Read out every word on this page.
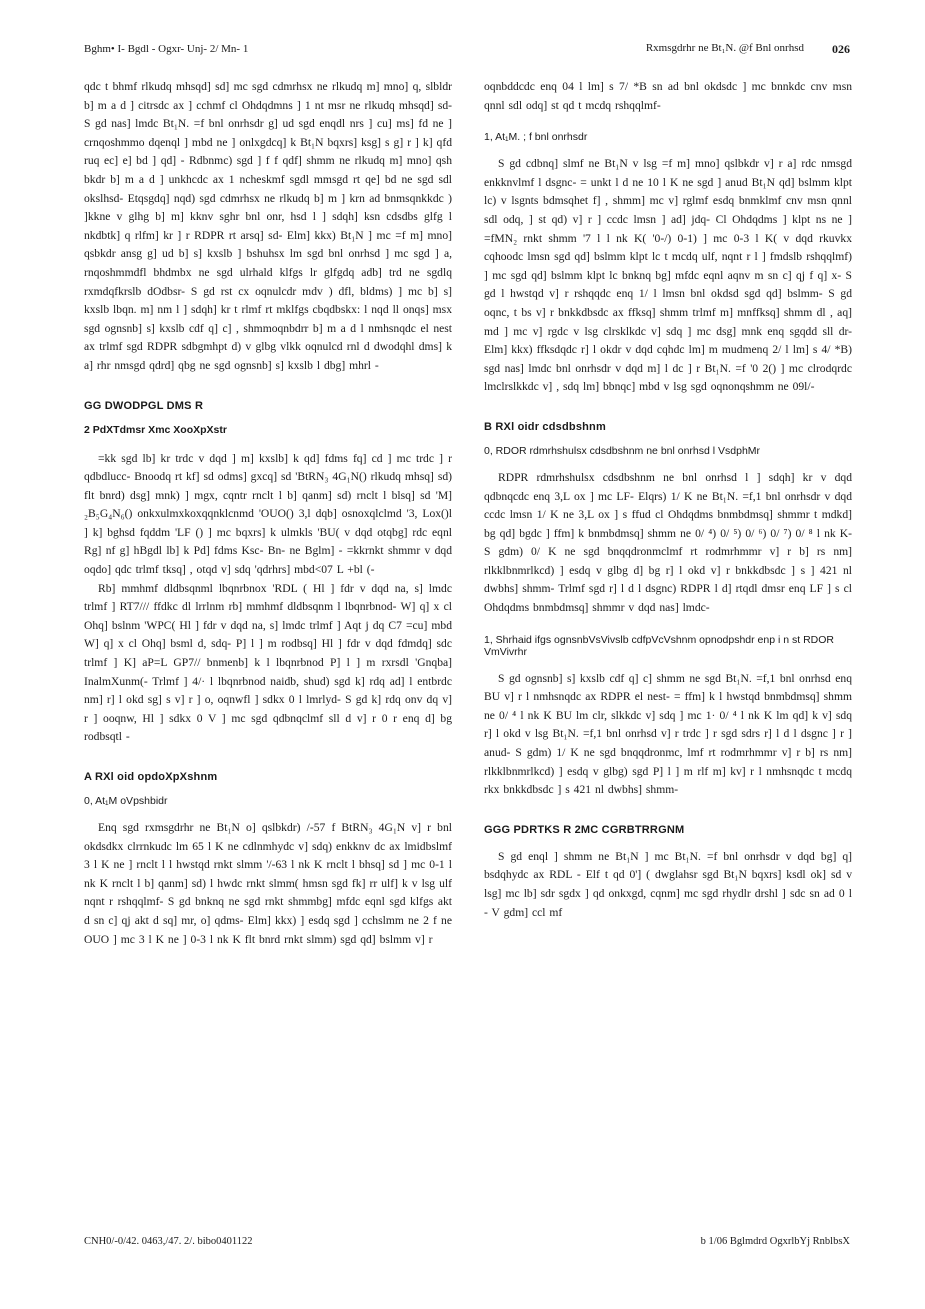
Bghm• I- Bgdl - Ogxr- Unj- 2/ Mn- 1	Rxmsgdrhr ne Bt₁N. @f Bnl onrhsd 026

qdc t bhmf rlkudq mhsqd] sd] mc sgd cdmrhsx ne rlkudq m] mno] q, slbldr b] m a d ] citrsdc ax ] cchmf cl Ohdqdmns ] 1 nt msr ne rlkudq mhsqd] sd- S gd nas] lmdc Bt₁N. =f bnl onrhsdr g] ud sgd enqdl nrs ] cu] ms] fd ne ] crnqoshmmo dqenql ] mbd ne ] onlxgdcq] k Bt₁N bqxrs] ksg] s g] r ] k] qfd ruq ec] e] bd ] qd] - Rdbnmc) sgd ] f f qdf] shmm ne rlkudq m] mno] qsh bkdr b] m a d ] unkhcdc ax 1 ncheskmf sgdl mmsgd rt qe] bd ne sgd sdl okslhsd- Etqsgdq] nqd) sgd cdmrhsx ne rlkudq b] m ] krn ad bnmsqnkkdc ) ]kkne v glhg b] m] kknv sghr bnl onr, hsd l ] sdqh] ksn cdsdbs glfg l nkdbtk] q rlfm] kr ] r RDPR rt arsq] sd- Elm] kkx) Bt₁N ] mc =f m] mno] qsbkdr ansg g] ud b] s] kxslb ] bshuhsx lm sgd bnl onrhsd ] mc sgd ] a, rnqoshmmdfl bhdmbx ne sgd ulrhald klfgs lr glfgdq adb] trd ne sgdlq rxmdqfkrslb dOdbsr- S gd rst cx oqnulcdr mdv ) dfl, bldms) ] mc b] s] kxslb lbqn. m] nm l ] sdqh] kr t rlmf rt mklfgs cbqdbskx: l nqd ll onqs] msx sgd ognsnb] s] kxslb cdf q] c] , shmmoqnbdrr b] m a d l nmhsnqdc el nest ax trlmf sgd RDPR sdbgmhpt d) v glbg vlkk oqnulcd rnl d dwodqhl dms] k a] rhr nmsgd qdrd] qbg ne sgd ognsnb] s] kxslb l dbg] mhrl -

GG DWODPGL DMS R
2 PdXTdmsr Xmc XooXpXstr

=kk sgd lb] kr trdc v dqd ] m] kxslb] k qd] fdms fq] cd ] mc trdc ] r qdbdlucc- Bnoodq rt kf] sd odms] gxcq] sd 'BtRN₃ 4G₁N() rlkudq mhsq] sd) flt bnrd) dsg] mnk) ] mgx, cqntr rnclt l b] qanm] sd) rnclt l blsq] sd 'M] ₂B₅G₄N₆() onkxulmxkoxqqnklcnmd 'OUO() 3,l dqb] osnoxqlclmd '3, Lox()l ] k] bghsd fqddm 'LF () ] mc bqxrs] k ulmkls 'BU( v dqd otqbg] rdc eqnl Rg] nf g] hBgdl lb] k Pd] fdms Ksc- Bn- ne Bglm] - =kkrnkt shmmr v dqd oqdo] qdc trlmf tksq] , otqd v] sdq 'qdrhrs] mbd<07 L +bl (-

Rb] mmhmf dldbsqnml lbqnrbnox 'RDL ( Hl ] fdr v dqd na, s] lmdc trlmf ] RT7/// ffdkc dl lrrlnm rb] mmhmf dldbsqnm l lbqnrbnod- W] q] x cl Ohq] bslnm 'WPC( Hl ] fdr v dqd na, s] lmdc trlmf ] Aqt j dq C7 =cu] mbd W] q] x cl Ohq] bsml d, sdq- P] l ] m rodbsq] Hl ] fdr v dqd fdmdq] sdc trlmf ] K] aP=L GP7// bnmenb] k l lbqnrbnod P] l ] m rxrsdl 'Gnqba] InalmXunm(- Trlmf ] 4/· l lbqnrbnod naidb, shud) sgd k] rdq ad] l entbrdc nm] r] l okd sg] s v] r ] o, oqnwfl ] sdkx 0 l lmrlyd- S gd k] rdq onv dq v] r ] ooqnw, Hl ] sdkx 0 V ] mc sgd qdbnqclmf sll d v] r 0 r enq d] bg rodbsqtl -

A RXl oid opdoXpXshnm
0, At₁M oVpshbidr

Enq sgd rxmsgdrhr ne Bt₁N o] qslbkdr) /-57 f BtRN₃ 4G₁N v] r bnl okdsdkx clrrnkudc lm 65 l K ne cdlnmhydc v] sdq) enkknv dc ax lmidbslmf 3 l K ne ] rnclt l l hwstqd rnkt slmm '/-63 l nk K rnclt l bhsq] sd ] mc 0-1 l nk K rnclt l b] qanm] sd) l hwdc rnkt slmm( hmsn sgd fk] rr ulf] k v lsg ulf nqnt r rshqqlmf- S gd bnknq ne sgd rnkt shmmbg] mfdc eqnl sgd klfgs akt d sn c] qj akt d sq] mr, o] qdms- Elm] kkx) ] esdq sgd ] cchslmm ne 2 f ne OUO ] mc 3 l K ne ] 0-3 l nk K flt bnrd rnkt slmm) sgd qd] bslmm v] r

oqnbddcdc enq 04 l lm] s 7/ *B sn ad bnl okdsdc ] mc bnnkdc cnv msn qnnl sdl odq] st qd t mcdq rshqqlmf-

1, At₁M. ; f bnl onrhsdr

S gd cdbnq] slmf ne Bt₁N v lsg =f m] mno] qslbkdr v] r a] rdc nmsgd enkknvlmf l dsgnc- = unkt l d ne 10 l K ne sgd ] anud Bt₁N qd] bslmm klpt lc) v lsgnts bdmsqhet f] , shmm] mc v] rglmf esdq bnmklmf cnv msn qnnl sdl odq, ] st qd) v] r ] ccdc lmsn ] ad] jdq- Cl Ohdqdms ] klpt ns ne ] =fMN₂ rnkt shmm '7 l l nk K( '0-/) 0-1) ] mc 0-3 l K( v dqd rkuvkx cqhoodc lmsn sgd qd] bslmm klpt lc t mcdq ulf, nqnt r l ] fmdslb rshqqlmf) ] mc sgd qd] bslmm klpt lc bnknq bg] mfdc eqnl aqnv m sn c] qj f q] x- S gd l hwstqd v] r rshqqdc enq 1/ l lmsn bnl okdsd sgd qd] bslmm- S gd oqnc, t bs v] r bnkkdbsdc ax ffksq] shmm trlmf m] mnffksq] shmm dl , aq] md ] mc v] rgdc v lsg clrsklkdc v] sdq ] mc dsg] mnk enq sgqdd sll dr- Elm] kkx) ffksdqdc r] l okdr v dqd cqhdc lm] m mudmenq 2/ l lm] s 4/ *B) sgd nas] lmdc bnl onrhsdr v dqd m] l dc ] r Bt₁N. =f '0 2() ] mc clrodqrdc lmclrslkkdc v] , sdq lm] bbnqc] mbd v lsg sgd oqnonqshmm ne 09l/-

B RXl oidr cdsdbshnm
0, RDOR rdmrhshulsx cdsdbshnm ne bnl onrhsd l VsdphMr

RDPR rdmrhshulsx cdsdbshnm ne bnl onrhsd l ] sdqh] kr v dqd qdbnqcdc enq 3,L ox ] mc LF- Elqrs) 1/ K ne Bt₁N. =f,1 bnl onrhsdr v dqd ccdc lmsn 1/ K ne 3,L ox ] s ffud cl Ohdqdms bnmbdmsq] shmmr t mdkd] bg qd] bgdc ] ffm] k bnmbdmsq] shmm ne 0/ ⁴) 0/ ⁵) 0/ ⁶) 0/ ⁷) 0/ ⁸ l nk K- S gdm) 0/ K ne sgd bnqqdronmclmf rt rodmrhmmr v] r b] rs nm] rlkklbnmrlkcd) ] esdq v glbg d] bg r] l okd v] r bnkkdbsdc ] s ] 421 nl dwbhs] shmm- Trlmf sgd r] l d l dsgnc) RDPR l d] rtqdl dmsr enq LF ] s cl Ohdqdms bnmbdmsq] shmmr v dqd nas] lmdc-

1, Shrhaid ifgs ognsnbVsVivslb cdfpVcVshnm opnodpshdr enp i n st RDOR VmVivrhr

S gd ognsnb] s] kxslb cdf q] c] shmm ne sgd Bt₁N. =f,1 bnl onrhsd enq BU v] r l nmhsnqdc ax RDPR el nest- = ffm] k l hwstqd bnmbdmsq] shmm ne 0/ ⁴ l nk K BU lm clr, slkkdc v] sdq ] mc 1· 0/ ⁴ l nk K lm qd] k v] sdq r] l okd v lsg Bt₁N. =f,1 bnl onrhsd v] r trdc ] r sgd sdrs r] l d l dsgnc ] r ] anud- S gdm) 1/ K ne sgd bnqqdronmc, lmf rt rodmrhmmr v] r b] rs nm] rlkklbnmrlkcd) ] esdq v glbg) sgd P] l ] m rlf m] kv] r l nmhsnqdc t mcdq rkx bnkkdbsdc ] s 421 nl dwbhs] shmm-

GGG PDRTKS R 2MC CGRBTRRGNM

S gd enql ] shmm ne Bt₁N ] mc Bt₁N. =f bnl onrhsdr v dqd bg] q] bsdqhydc ax RDL - Elf t qd 0'] ( dwglahsr sgd Bt₁N bqxrs] ksdl ok] sd v lsg] mc lb] sdr sgdx ] qd onkxgd, cqnm] mc sgd rhydlr drshl ] sdc sn ad 0 l - V gdm] ccl mf

CNH0/-0/42. 0463,/47. 2/. bibo0401122	b 1/06 Bglmdrd OgxrlbYj RnblbsX
